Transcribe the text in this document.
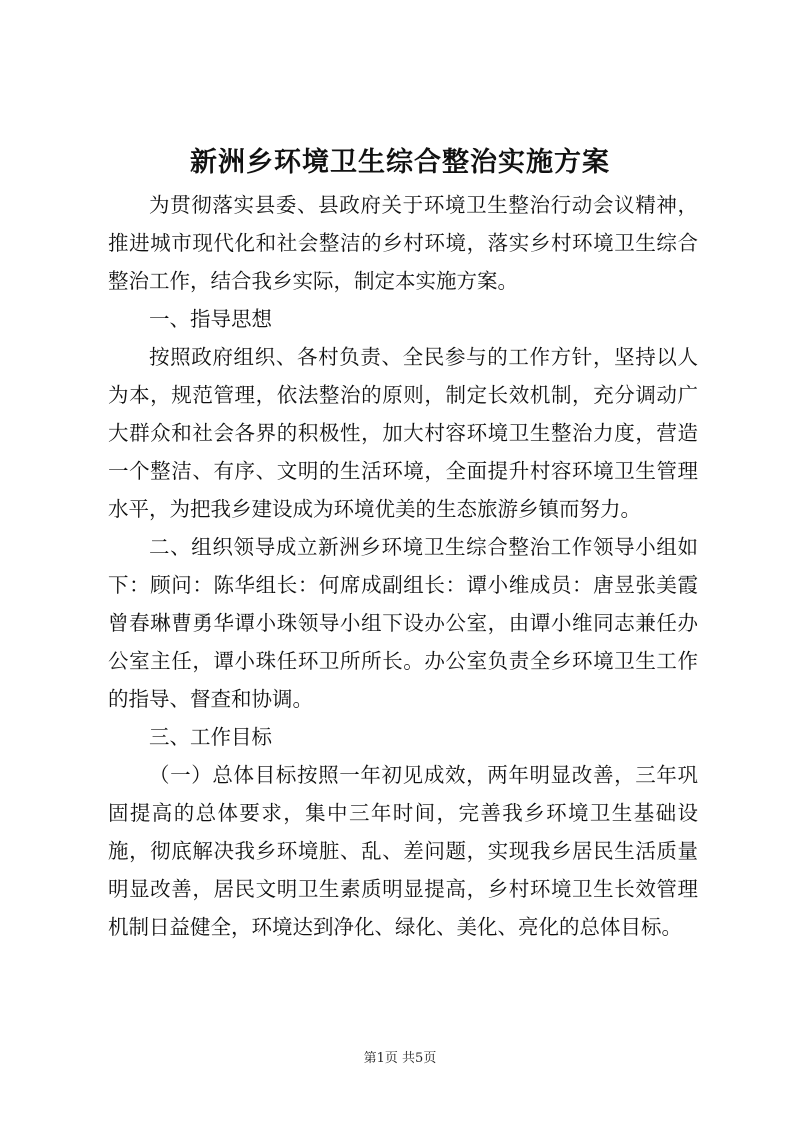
新洲乡环境卫生综合整治实施方案

为贯彻落实县委、县政府关于环境卫生整治行动会议精神，推进城市现代化和社会整洁的乡村环境，落实乡村环境卫生综合整治工作，结合我乡实际，制定本实施方案。

一、指导思想

按照政府组织、各村负责、全民参与的工作方针，坚持以人为本，规范管理，依法整治的原则，制定长效机制，充分调动广大群众和社会各界的积极性，加大村容环境卫生整治力度，营造一个整洁、有序、文明的生活环境，全面提升村容环境卫生管理水平，为把我乡建设成为环境优美的生态旅游乡镇而努力。

二、组织领导成立新洲乡环境卫生综合整治工作领导小组如下：顾问：陈华组长：何席成副组长：谭小维成员：唐昱张美霞曾春琳曹勇华谭小珠领导小组下设办公室，由谭小维同志兼任办公室主任，谭小珠任环卫所所长。办公室负责全乡环境卫生工作的指导、督查和协调。

三、工作目标

（一）总体目标按照一年初见成效，两年明显改善，三年巩固提高的总体要求，集中三年时间，完善我乡环境卫生基础设施，彻底解决我乡环境脏、乱、差问题，实现我乡居民生活质量明显改善，居民文明卫生素质明显提高，乡村环境卫生长效管理机制日益健全，环境达到净化、绿化、美化、亮化的总体目标。

第1页 共5页
